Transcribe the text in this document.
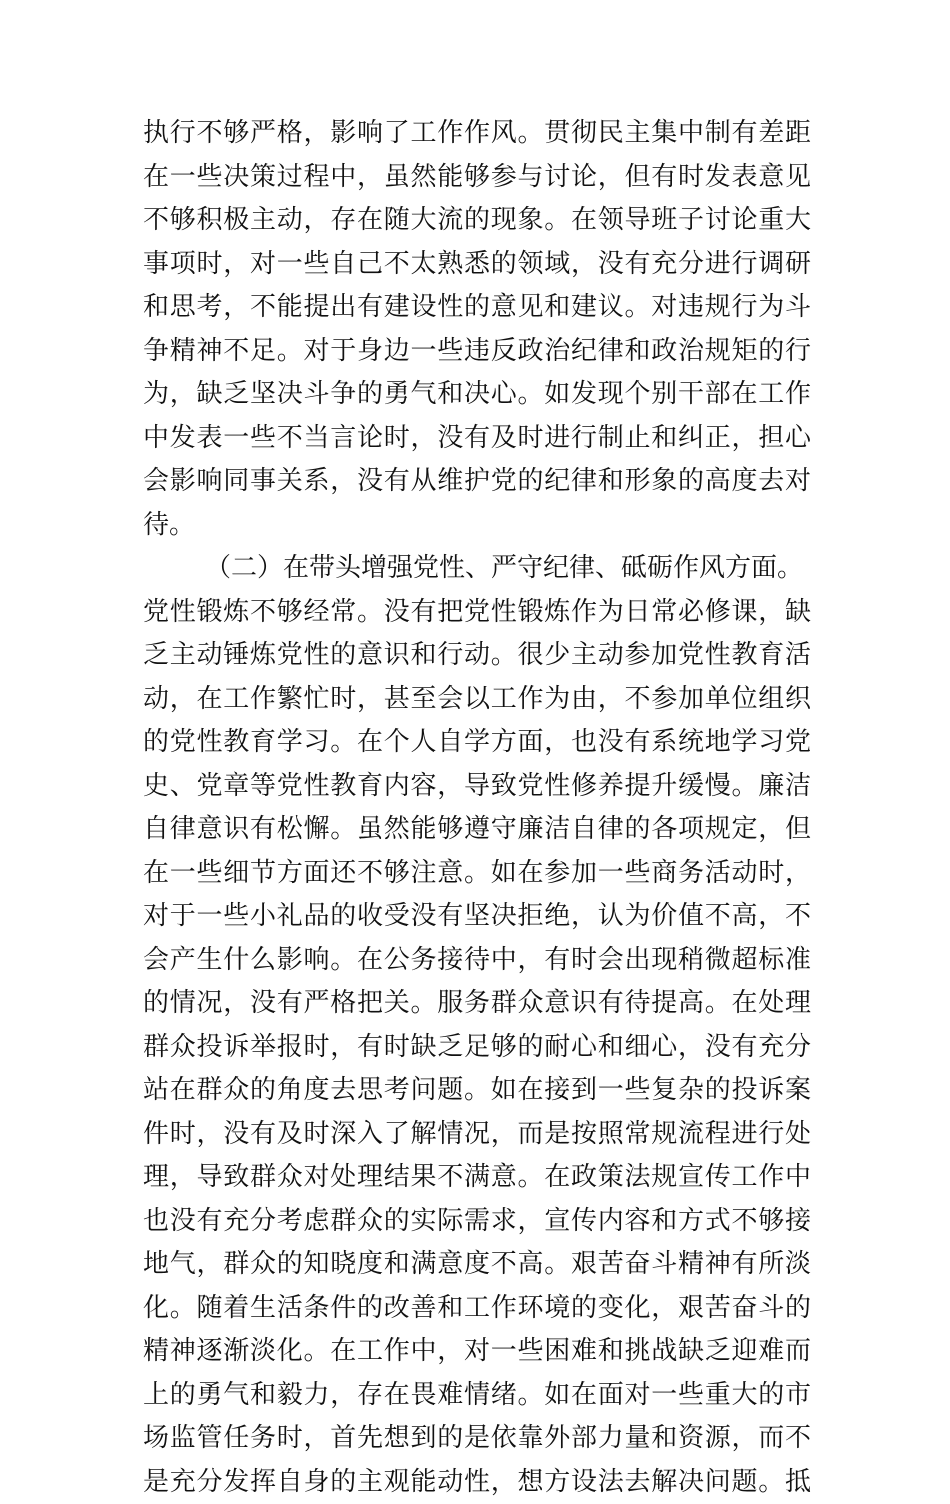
执行不够严格，影响了工作作风。贯彻民主集中制有差距
在一些决策过程中，虽然能够参与讨论，但有时发表意见
不够积极主动，存在随大流的现象。在领导班子讨论重大
事项时，对一些自己不太熟悉的领域，没有充分进行调研
和思考，不能提出有建设性的意见和建议。对违规行为斗
争精神不足。对于身边一些违反政治纪律和政治规矩的行
为，缺乏坚决斗争的勇气和决心。如发现个别干部在工作
中发表一些不当言论时，没有及时进行制止和纠正，担心
会影响同事关系，没有从维护党的纪律和形象的高度去对
待。
（二）在带头增强党性、严守纪律、砥砺作风方面。
党性锻炼不够经常。没有把党性锻炼作为日常必修课，缺
乏主动锤炼党性的意识和行动。很少主动参加党性教育活
动，在工作繁忙时，甚至会以工作为由，不参加单位组织
的党性教育学习。在个人自学方面，也没有系统地学习党
史、党章等党性教育内容，导致党性修养提升缓慢。廉洁
自律意识有松懈。虽然能够遵守廉洁自律的各项规定，但
在一些细节方面还不够注意。如在参加一些商务活动时，
对于一些小礼品的收受没有坚决拒绝，认为价值不高，不
会产生什么影响。在公务接待中，有时会出现稍微超标准
的情况，没有严格把关。服务群众意识有待提高。在处理
群众投诉举报时，有时缺乏足够的耐心和细心，没有充分
站在群众的角度去思考问题。如在接到一些复杂的投诉案
件时，没有及时深入了解情况，而是按照常规流程进行处
理，导致群众对处理结果不满意。在政策法规宣传工作中
也没有充分考虑群众的实际需求，宣传内容和方式不够接
地气，群众的知晓度和满意度不高。艰苦奋斗精神有所淡
化。随着生活条件的改善和工作环境的变化，艰苦奋斗的
精神逐渐淡化。在工作中，对一些困难和挑战缺乏迎难而
上的勇气和毅力，存在畏难情绪。如在面对一些重大的市
场监管任务时，首先想到的是依靠外部力量和资源，而不
是充分发挥自身的主观能动性，想方设法去解决问题。抵
